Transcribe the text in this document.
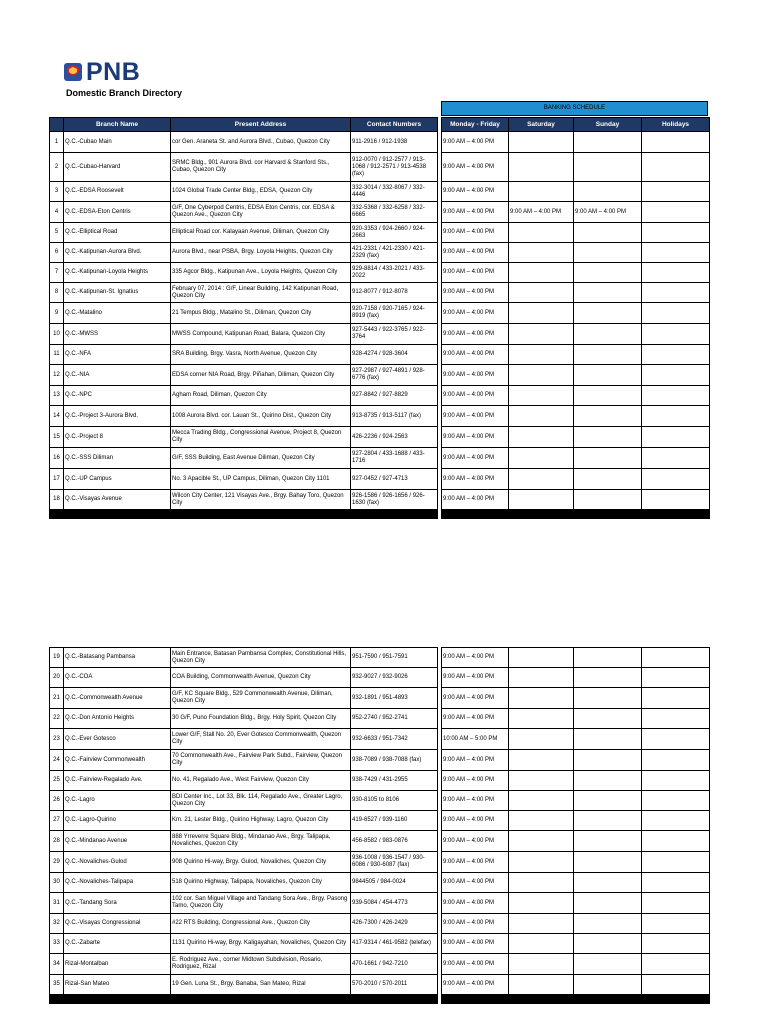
PNB
Domestic Branch Directory
BANKING SCHEDULE
	Branch Name	Present Address	Contact Numbers		Monday - Friday	Saturday	Sunday	Holidays
1	Q.C.-Cubao Main	cor Gen. Araneta St. and Aurora Blvd., Cubao, Quezon City	911-2916 / 912-1938		9:00 AM – 4:00 PM			
2	Q.C.-Cubao-Harvard	SRMC Bldg., 901 Aurora Blvd. cor Harvard & Stanford Sts., Cubao, Quezon City	912-0070 / 912-2577 / 913-1068 / 912-2571 / 913-4538 (fax)		9:00 AM – 4:00 PM			
3	Q.C.-EDSA Roosevelt	1024 Global Trade Center Bldg., EDSA, Quezon City	332-3014 / 332-8067 / 332-4446		9:00 AM – 4:00 PM			
4	Q.C.-EDSA-Eton Centris	G/F, One Cyberpod Centris, EDSA Eton Centris, cor. EDSA & Quezon Ave., Quezon City	332-5368 / 332-6258 / 332-6665		9:00 AM – 4:00 PM	9:00 AM – 4:00 PM	9:00 AM – 4:00 PM	
5	Q.C.-Elliptical Road	Elliptical Road cor. Kalayaan Avenue, Diliman, Quezon City	920-3353 / 924-2660 / 924-2663		9:00 AM – 4:00 PM			
6	Q.C.-Katipunan-Aurora Blvd.	Aurora Blvd., near PSBA, Brgy. Loyola Heights, Quezon City	421-2331 / 421-2330 / 421-2329 (fax)		9:00 AM – 4:00 PM			
7	Q.C.-Katipunan-Loyola Heights	335 Agcor Bldg., Katipunan Ave., Loyola Heights, Quezon City	929-8814 / 433-2021 / 433-2022		9:00 AM – 4:00 PM			
8	Q.C.-Katipunan-St. Ignatius	February 07, 2014 : G/F, Linear Building, 142 Katipunan Road, Quezon City	912-8077 / 912-8078		9:00 AM – 4:00 PM			
9	Q.C.-Matalino	21 Tempus Bldg., Matalino St., Diliman, Quezon City	920-7158 / 920-7165 / 924-8919 (fax)		9:00 AM – 4:00 PM			
10	Q.C.-MWSS	MWSS Compound, Katipunan Road, Balara, Quezon City	927-5443 / 922-3765 / 922-3764		9:00 AM – 4:00 PM			
11	Q.C.-NFA	SRA Building, Brgy. Vasra, North Avenue, Quezon City	928-4274 / 928-3604		9:00 AM – 4:00 PM			
12	Q.C.-NIA	EDSA corner NIA Road, Brgy. Piñahan, Diliman, Quezon City	927-2987 / 927-4891 / 928-6776 (fax)		9:00 AM – 4:00 PM			
13	Q.C.-NPC	Agham Road, Diliman, Quezon City	927-8842 / 927-8829		9:00 AM – 4:00 PM			
14	Q.C.-Project 3-Aurora Blvd.	1008 Aurora Blvd. cor. Lauan St., Quirino Dist., Quezon City	913-8735 / 913-5117 (fax)		9:00 AM – 4:00 PM			
15	Q.C.-Project 8	Mecca Trading Bldg., Congressional Avenue, Project 8, Quezon City	426-2236 / 924-2563		9:00 AM – 4:00 PM			
16	Q.C.-SSS Diliman	G/F, SSS Building, East Avenue Diliman, Quezon City	927-2804 / 433-1688 / 433-1716		9:00 AM – 4:00 PM			
17	Q.C.-UP Campus	No. 3 Apacible St., UP Campus, Diliman, Quezon City 1101	927-0452 / 927-4713		9:00 AM – 4:00 PM			
18	Q.C.-Visayas Avenue	Wilcon City Center, 121 Visayas Ave., Brgy. Bahay Toro, Quezon City	926-1586 / 926-1656 / 926-1630 (fax)		9:00 AM – 4:00 PM			

19	Q.C.-Batasang Pambansa	Main Entrance, Batasan Pambansa Complex, Constitutional Hills, Quezon City	951-7590 / 951-7591		9:00 AM – 4:00 PM			
20	Q.C.-COA	COA Building, Commonwealth Avenue, Quezon City	932-9027 / 932-9026		9:00 AM – 4:00 PM			
21	Q.C.-Commonwealth Avenue	G/F, KC Square Bldg., 529 Commonwealth Avenue, Diliman, Quezon City	932-1891 / 951-4893		9:00 AM – 4:00 PM			
22	Q.C.-Don Antonio Heights	30 G/F, Puno Foundation Bldg., Brgy. Holy Spirit, Quezon City	952-2740 / 952-2741		9:00 AM – 4:00 PM			
23	Q.C.-Ever Gotesco	Lower G/F, Stall No. 20, Ever Gotesco Commonwealth, Quezon City	932-6633 / 951-7342		10:00 AM – 5:00 PM			
24	Q.C.-Fairview Commonwealth	70 Commonwealth Ave., Fairview Park Subd., Fairview, Quezon City	938-7089 / 938-7088 (fax)		9:00 AM – 4:00 PM			
25	Q.C.-Fairview-Regalado Ave.	No. 41, Regalado Ave., West Fairview, Quezon City	938-7429 / 431-2955		9:00 AM – 4:00 PM			
26	Q.C.-Lagro	BDI Center Inc., Lot 33, Blk. 114, Regalado Ave., Greater Lagro, Quezon City	930-8105 to 8106		9:00 AM – 4:00 PM			
27	Q.C.-Lagro-Quirino	Km. 21, Lester Bldg., Quirino Highway, Lagro, Quezon City	419-6527 / 939-1160		9:00 AM – 4:00 PM			
28	Q.C.-Mindanao Avenue	888 Yrreverre Square Bldg., Mindanao Ave., Brgy. Talipapa, Novaliches, Quezon City	456-8582 / 983-0876		9:00 AM – 4:00 PM			
29	Q.C.-Novaliches-Gulod	908 Quirino Hi-way, Brgy. Gulod, Novaliches, Quezon City	936-1008 / 936-1547 / 930-6086 / 930-6087 (fax)		9:00 AM – 4:00 PM			
30	Q.C.-Novaliches-Talipapa	518 Quirino Highway, Talipapa, Novaliches, Quezon City	9844505 / 984-0024		9:00 AM – 4:00 PM			
31	Q.C.-Tandang Sora	102 cor. San Miguel Village and Tandang Sora Ave., Brgy. Pasong Tamo, Quezon City	939-5084 / 454-4773		9:00 AM – 4:00 PM			
32	Q.C.-Visayas Congressional	#22 RTS Building, Congressional Ave., Quezon City	426-7300 / 426-2429		9:00 AM – 4:00 PM			
33	Q.C.-Zabarte	1131 Quirino Hi-way, Brgy. Kaligayahan, Novaliches, Quezon City	417-9314 / 461-9582 (telefax)		9:00 AM – 4:00 PM			
34	Rizal-Montalban	E. Rodriguez Ave., corner Midtown Subdivision, Rosario, Rodriguez, Rizal	470-1661 / 942-7210		9:00 AM – 4:00 PM			
35	Rizal-San Mateo	19 Gen. Luna St., Brgy. Banaba, San Mateo, Rizal	570-2010 / 570-2011		9:00 AM – 4:00 PM			
